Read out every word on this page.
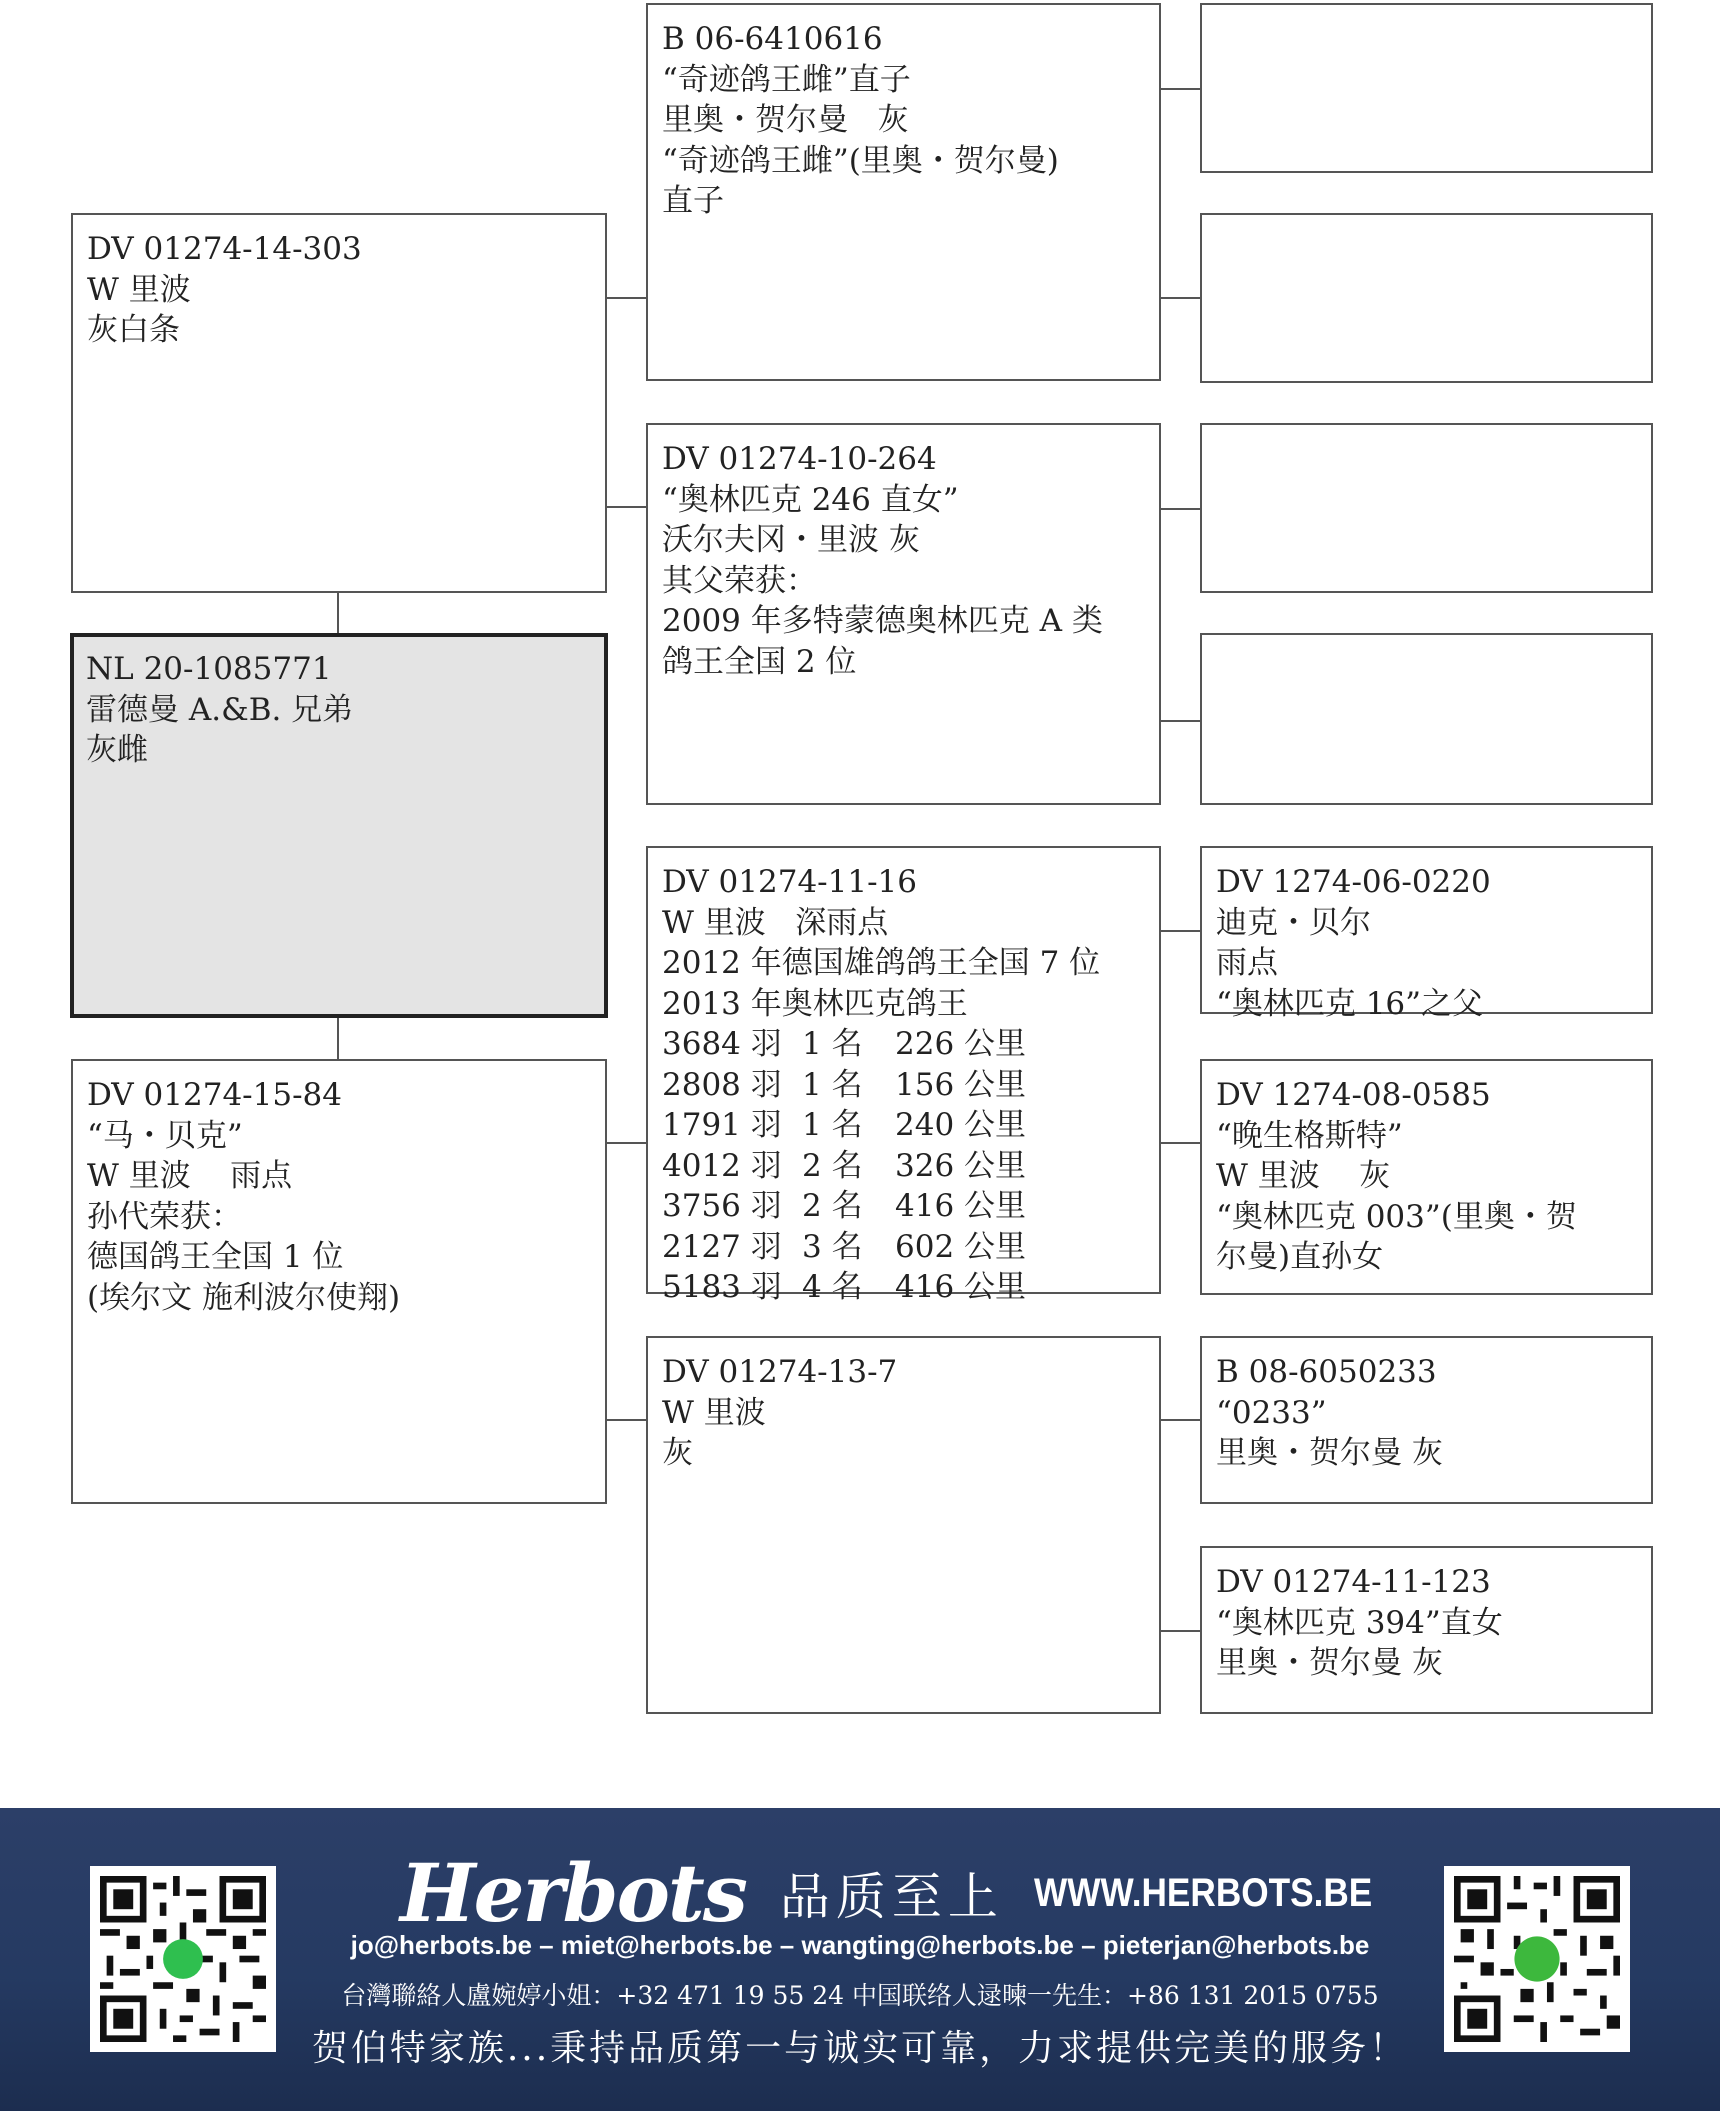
DV 01274-14-303
W 里波
灰白条
NL 20-1085771
雷德曼 A.&B. 兄弟
灰雌
DV 01274-15-84
“马・贝克”
W 里波    雨点
孙代荣获：
德国鸽王全国 1 位
(埃尔文 施利波尔使翔)
B 06-6410616
“奇迹鸽王雌”直子
里奥・贺尔曼   灰
“奇迹鸽王雌”(里奥・贺尔曼)
直子
DV 01274-10-264
“奥林匹克 246 直女”
沃尔夫冈・里波 灰
其父荣获：
2009 年多特蒙德奥林匹克 A 类
鸽王全国 2 位
DV 01274-11-16
W 里波   深雨点
2012 年德国雄鸽鸽王全国 7 位
2013 年奥林匹克鸽王
3684 羽 1 名 226 公里
2808 羽 1 名 156 公里
1791 羽 1 名 240 公里
4012 羽 2 名 326 公里
3756 羽 2 名 416 公里
2127 羽 3 名 602 公里
5183 羽 4 名 416 公里
DV 01274-13-7
W 里波
灰
DV 1274-06-0220
迪克・贝尔
雨点
“奥林匹克 16”之父
DV 1274-08-0585
“晚生格斯特”
W 里波    灰
“奥林匹克 003”(里奥・贺
尔曼)直孙女
B 08-6050233
“0233”
里奥・贺尔曼 灰
DV 01274-11-123
“奥林匹克 394”直女
里奥・贺尔曼 灰
Herbots 品质至上 WWW.HERBOTS.BE
jo@herbots.be – miet@herbots.be – wangting@herbots.be – pieterjan@herbots.be
台灣聯絡人盧婉婷小姐：+32 471 19 55 24 中国联络人逯暕一先生：+86 131 2015 0755
贺伯特家族...秉持品质第一与诚实可靠，力求提供完美的服务！
